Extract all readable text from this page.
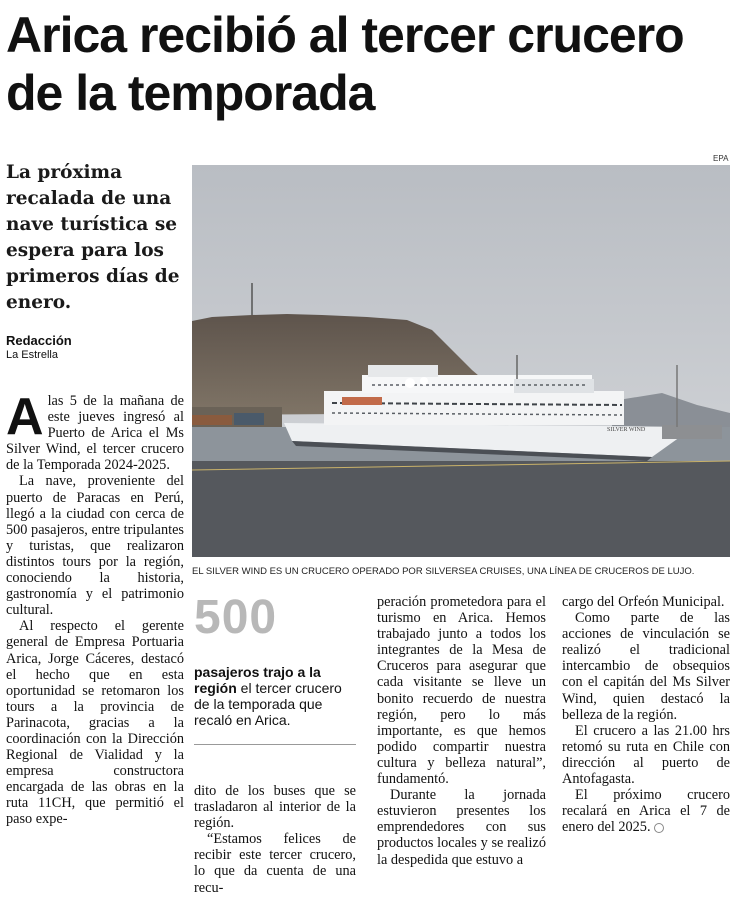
Arica recibió al tercer crucero de la temporada
La próxima recalada de una nave turística se espera para los primeros días de enero.
Redacción
La Estrella
EPA
SILVER WIND
EL SILVER WIND ES UN CRUCERO OPERADO POR SILVERSEA CRUISES, UNA LÍNEA DE CRUCEROS DE LUJO.

Alas 5 de la mañana de este jueves ingresó al Puerto de Arica el Ms Silver Wind, el tercer crucero de la Temporada 2024-2025.

La nave, proveniente del puerto de Paracas en Perú, llegó a la ciudad con cerca de 500 pasajeros, entre tripulantes y turistas, que realizaron distintos tours por la región, conociendo la historia, gastronomía y el patrimonio cultural.

Al respecto el gerente general de Empresa Portuaria Arica, Jorge Cáceres, destacó el hecho que en esta oportunidad se retomaron los tours a la provincia de Parinacota, gracias a la coordinación con la Dirección Regional de Vialidad y la empresa constructora encargada de las obras en la ruta 11CH, que permitió el paso expe-

500
pasajeros trajo a la región el tercer crucero de la temporada que recaló en Arica.

dito de los buses que se trasladaron al interior de la región.

“Estamos felices de recibir este tercer crucero, lo que da cuenta de una recu-

peración prometedora para el turismo en Arica. Hemos trabajado junto a todos los integrantes de la Mesa de Cruceros para asegurar que cada visitante se lleve un bonito recuerdo de nuestra región, pero lo más importante, es que hemos podido compartir nuestra cultura y belleza natural”, fundamentó.

Durante la jornada estuvieron presentes los emprendedores con sus productos locales y se realizó la despedida que estuvo a

cargo del Orfeón Municipal.

Como parte de las acciones de vinculación se realizó el tradicional intercambio de obsequios con el capitán del Ms Silver Wind, quien destacó la belleza de la región.

El crucero a las 21.00 hrs retomó su ruta en Chile con dirección al puerto de Antofagasta.

El próximo crucero recalará en Arica el 7 de enero del 2025.
